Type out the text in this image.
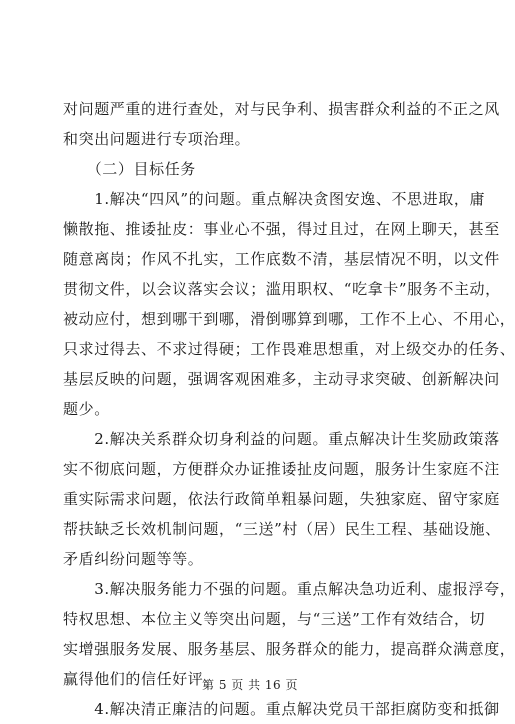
对问题严重的进行查处，对与民争利、损害群众利益的不正之风
和突出问题进行专项治理。

　　（二）目标任务

　　1.解决“四风”的问题。重点解决贪图安逸、不思进取，庸
懒散拖、推诿扯皮：事业心不强，得过且过，在网上聊天，甚至
随意离岗；作风不扎实，工作底数不清，基层情况不明，以文件
贯彻文件，以会议落实会议；滥用职权、“吃拿卡”服务不主动，
被动应付，想到哪干到哪，滑倒哪算到哪，工作不上心、不用心，
只求过得去、不求过得硬；工作畏难思想重，对上级交办的任务、
基层反映的问题，强调客观困难多，主动寻求突破、创新解决问
题少。

　　2.解决关系群众切身利益的问题。重点解决计生奖励政策落
实不彻底问题，方便群众办证推诿扯皮问题，服务计生家庭不注
重实际需求问题，依法行政简单粗暴问题，失独家庭、留守家庭
帮扶缺乏长效机制问题，“三送”村（居）民生工程、基础设施、
矛盾纠纷问题等等。

　　3.解决服务能力不强的问题。重点解决急功近利、虚报浮夸，
特权思想、本位主义等突出问题，与“三送”工作有效结合，切
实增强服务发展、服务基层、服务群众的能力，提高群众满意度，
赢得他们的信任好评。

　　4.解决清正廉洁的问题。重点解决党员干部拒腐防变和抵御

第 5 页 共 16 页
